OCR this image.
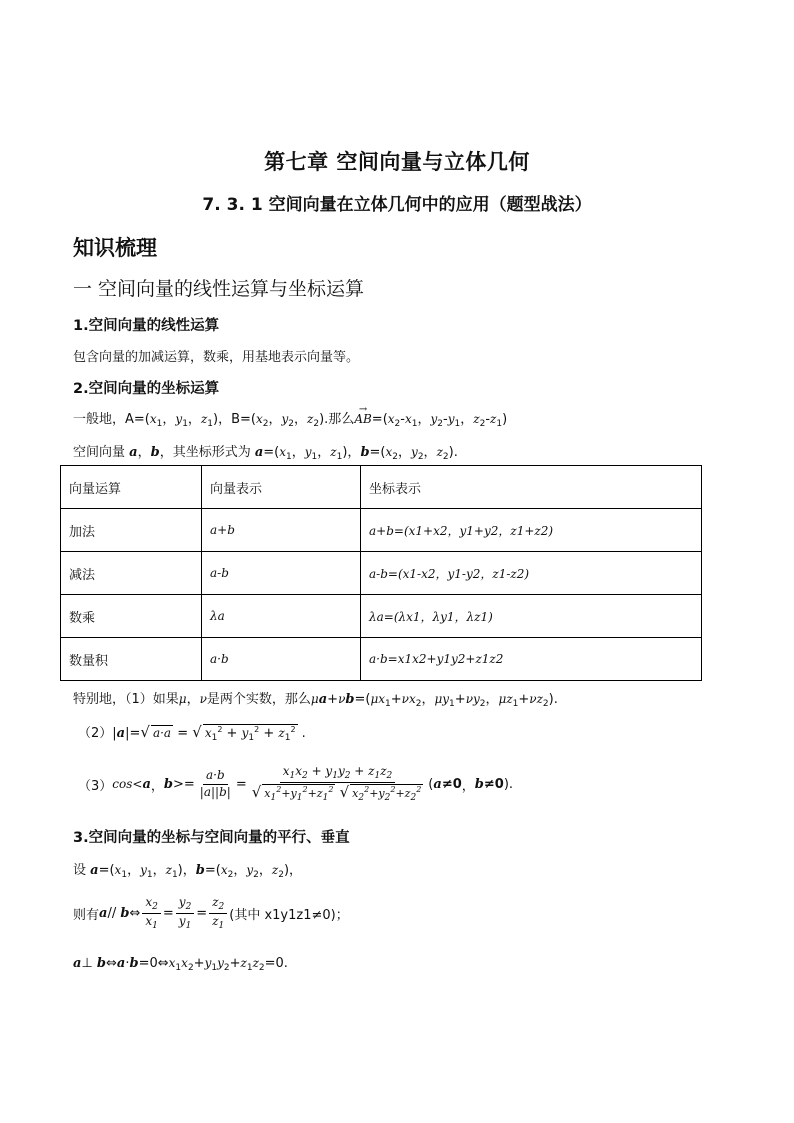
第七章 空间向量与立体几何
7. 3. 1 空间向量在立体几何中的应用（题型战法）
知识梳理
一 空间向量的线性运算与坐标运算
1.空间向量的线性运算
包含向量的加减运算，数乘，用基地表示向量等。
2.空间向量的坐标运算
一般地，$A=(x_1$，$y_1$，$z_1$)，$B=(x_2$，$y_2$，$z_2$).那么AB
→
$=(x_2-x_1$，$y_2-y_1$，$z_2-z_1$)
空间向量 a，b，其坐标形式为 $a=(x_1$，$y_1$，$z_1$)，$b=(x_2$，$y_2$，$z_2$).
向量运算	向量表示	坐标表示
加法	a+b	a+b=(x1+x2，y1+y2，z1+z2)
减法	a-b	a-b=(x1-x2，y1-y2，z1-z2)
数乘	λa	λa=(λx1，λy1，λz1)
数量积	a·b	a·b=x1x2+y1y2+z1z2
特别地，（1）如果μ，ν是两个实数，那么$\mu a+\nu b=(\mu x_1+\nu x_2$，$\mu y_1+\nu y_2$，$\mu z_1+\nu z_2$).
（2）|a|=√ a·a = √ $x_1^2 + y_1^2 + z_1^2$ .
（3） cos< a ， $b >= \frac{a\cdot b}{|a||b|} = \frac{x_1x_2 + y_1y_2 + z_1z_2}{√ x_1^2+y_1^2+z_1^2 √ x_2^2+y_2^2+z_2^2}$ ( a ≠0 ， b ≠0 ).
3.空间向量的坐标与空间向量的平行、垂直
设 $a=(x_1$，$y_1$，$z_1$)，$b=(x_2$，$y_2$，$z_2$)，
则有 a // b ⇔ $\frac{x_2}{x_1} = \frac{y_2}{y_1} = \frac{z_2}{z_1}$ (其中 x1y1z1≠0)；
a⊥ $b\Leftrightarrow a\cdot b=0\Leftrightarrow x_1x_2+y_1y_2+z_1z_2=0$.
